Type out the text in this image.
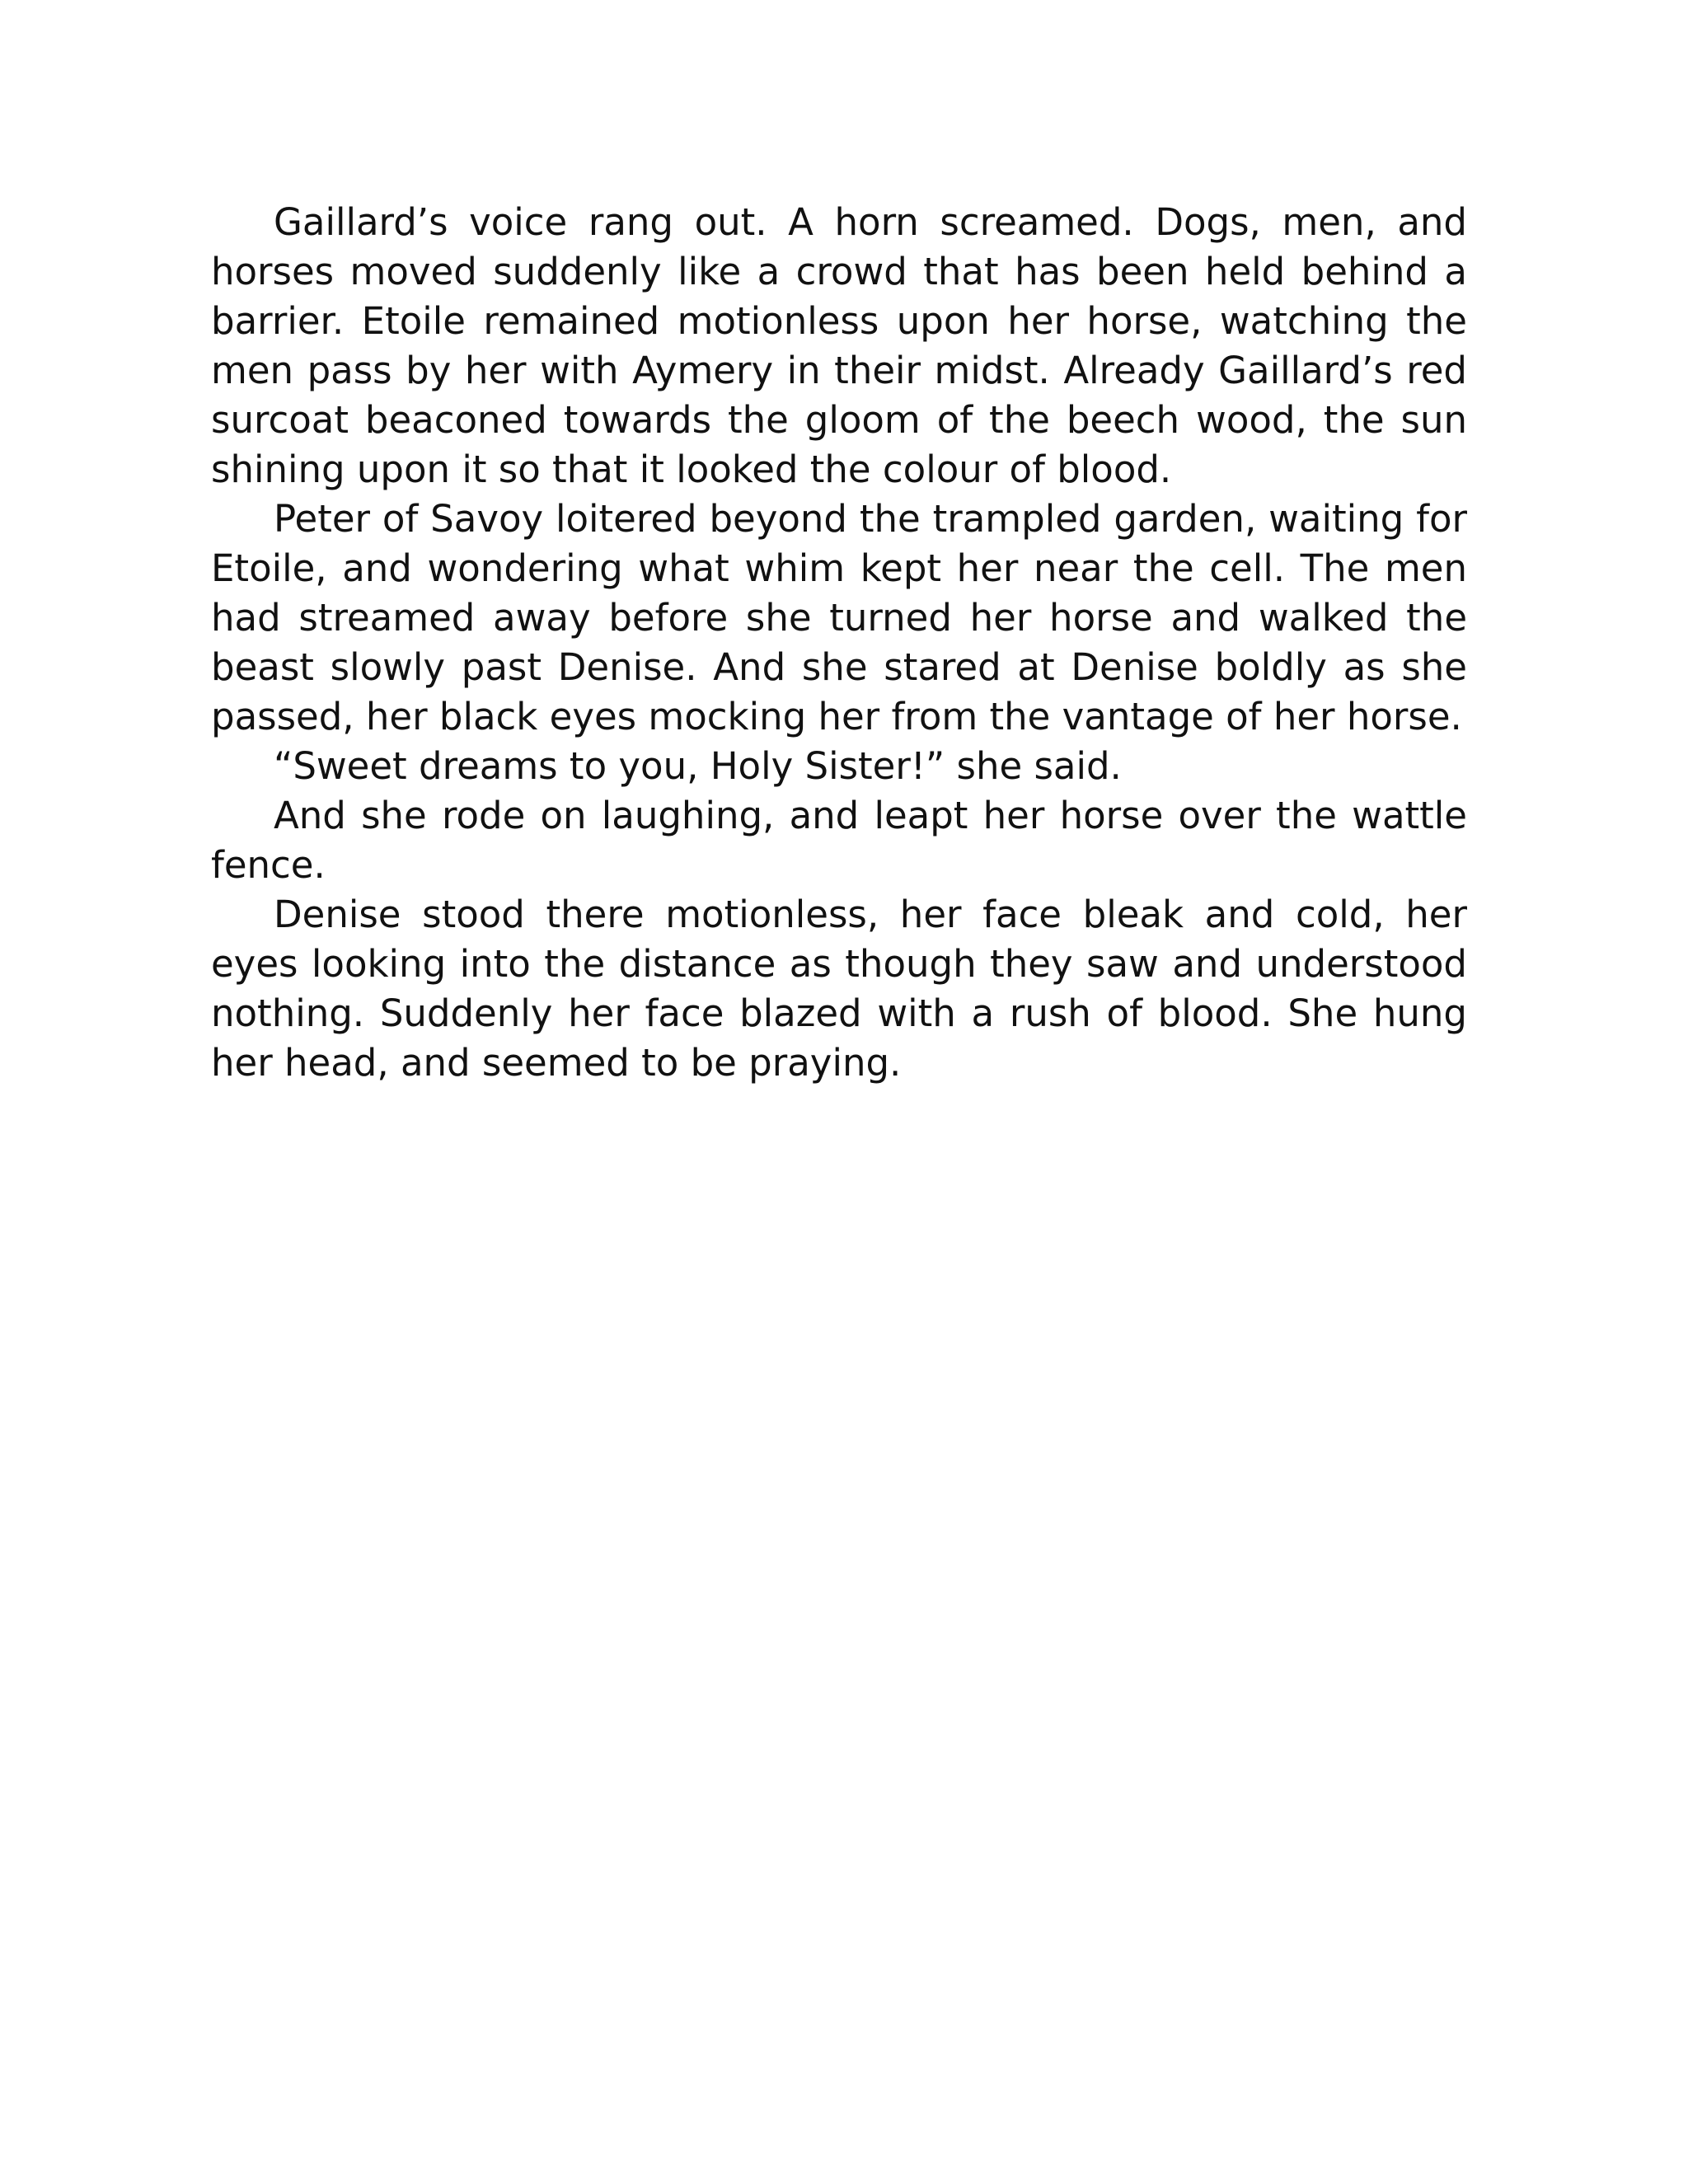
Gaillard’s voice rang out. A horn screamed. Dogs, men, and horses moved suddenly like a crowd that has been held behind a barrier. Etoile remained motionless upon her horse, watching the men pass by her with Aymery in their midst. Already Gaillard’s red surcoat beaconed towards the gloom of the beech wood, the sun shining upon it so that it looked the colour of blood.

Peter of Savoy loitered beyond the trampled garden, waiting for Etoile, and wondering what whim kept her near the cell. The men had streamed away before she turned her horse and walked the beast slowly past Denise. And she stared at Denise boldly as she passed, her black eyes mocking her from the vantage of her horse.

“Sweet dreams to you, Holy Sister!” she said.

And she rode on laughing, and leapt her horse over the wattle fence.

Denise stood there motionless, her face bleak and cold, her eyes looking into the distance as though they saw and understood nothing. Suddenly her face blazed with a rush of blood. She hung her head, and seemed to be praying.
